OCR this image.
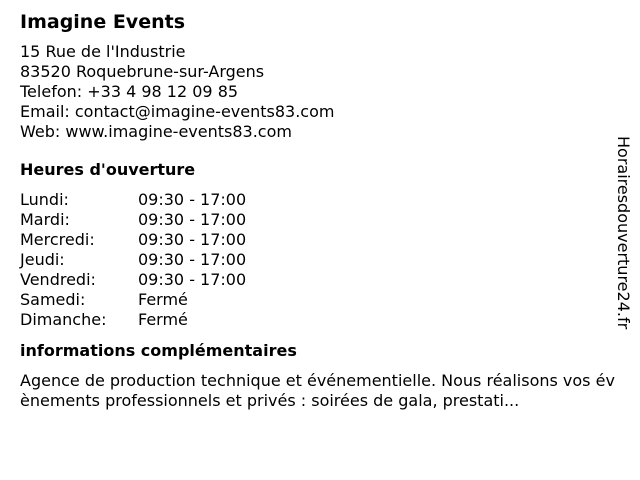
Imagine Events
15 Rue de l'Industrie
83520 Roquebrune-sur-Argens
Telefon: +33 4 98 12 09 85
Email: contact@imagine-events83.com
Web: www.imagine-events83.com
Heures d'ouverture
Lundi:	09:30 - 17:00
Mardi:	09:30 - 17:00
Mercredi:	09:30 - 17:00
Jeudi:	09:30 - 17:00
Vendredi:	09:30 - 17:00
Samedi:	Fermé
Dimanche:	Fermé
informations complémentaires
Agence de production technique et événementielle. Nous réalisons vos évènements professionnels et privés : soirées de gala, prestati...
Horairesdouverture24.fr
